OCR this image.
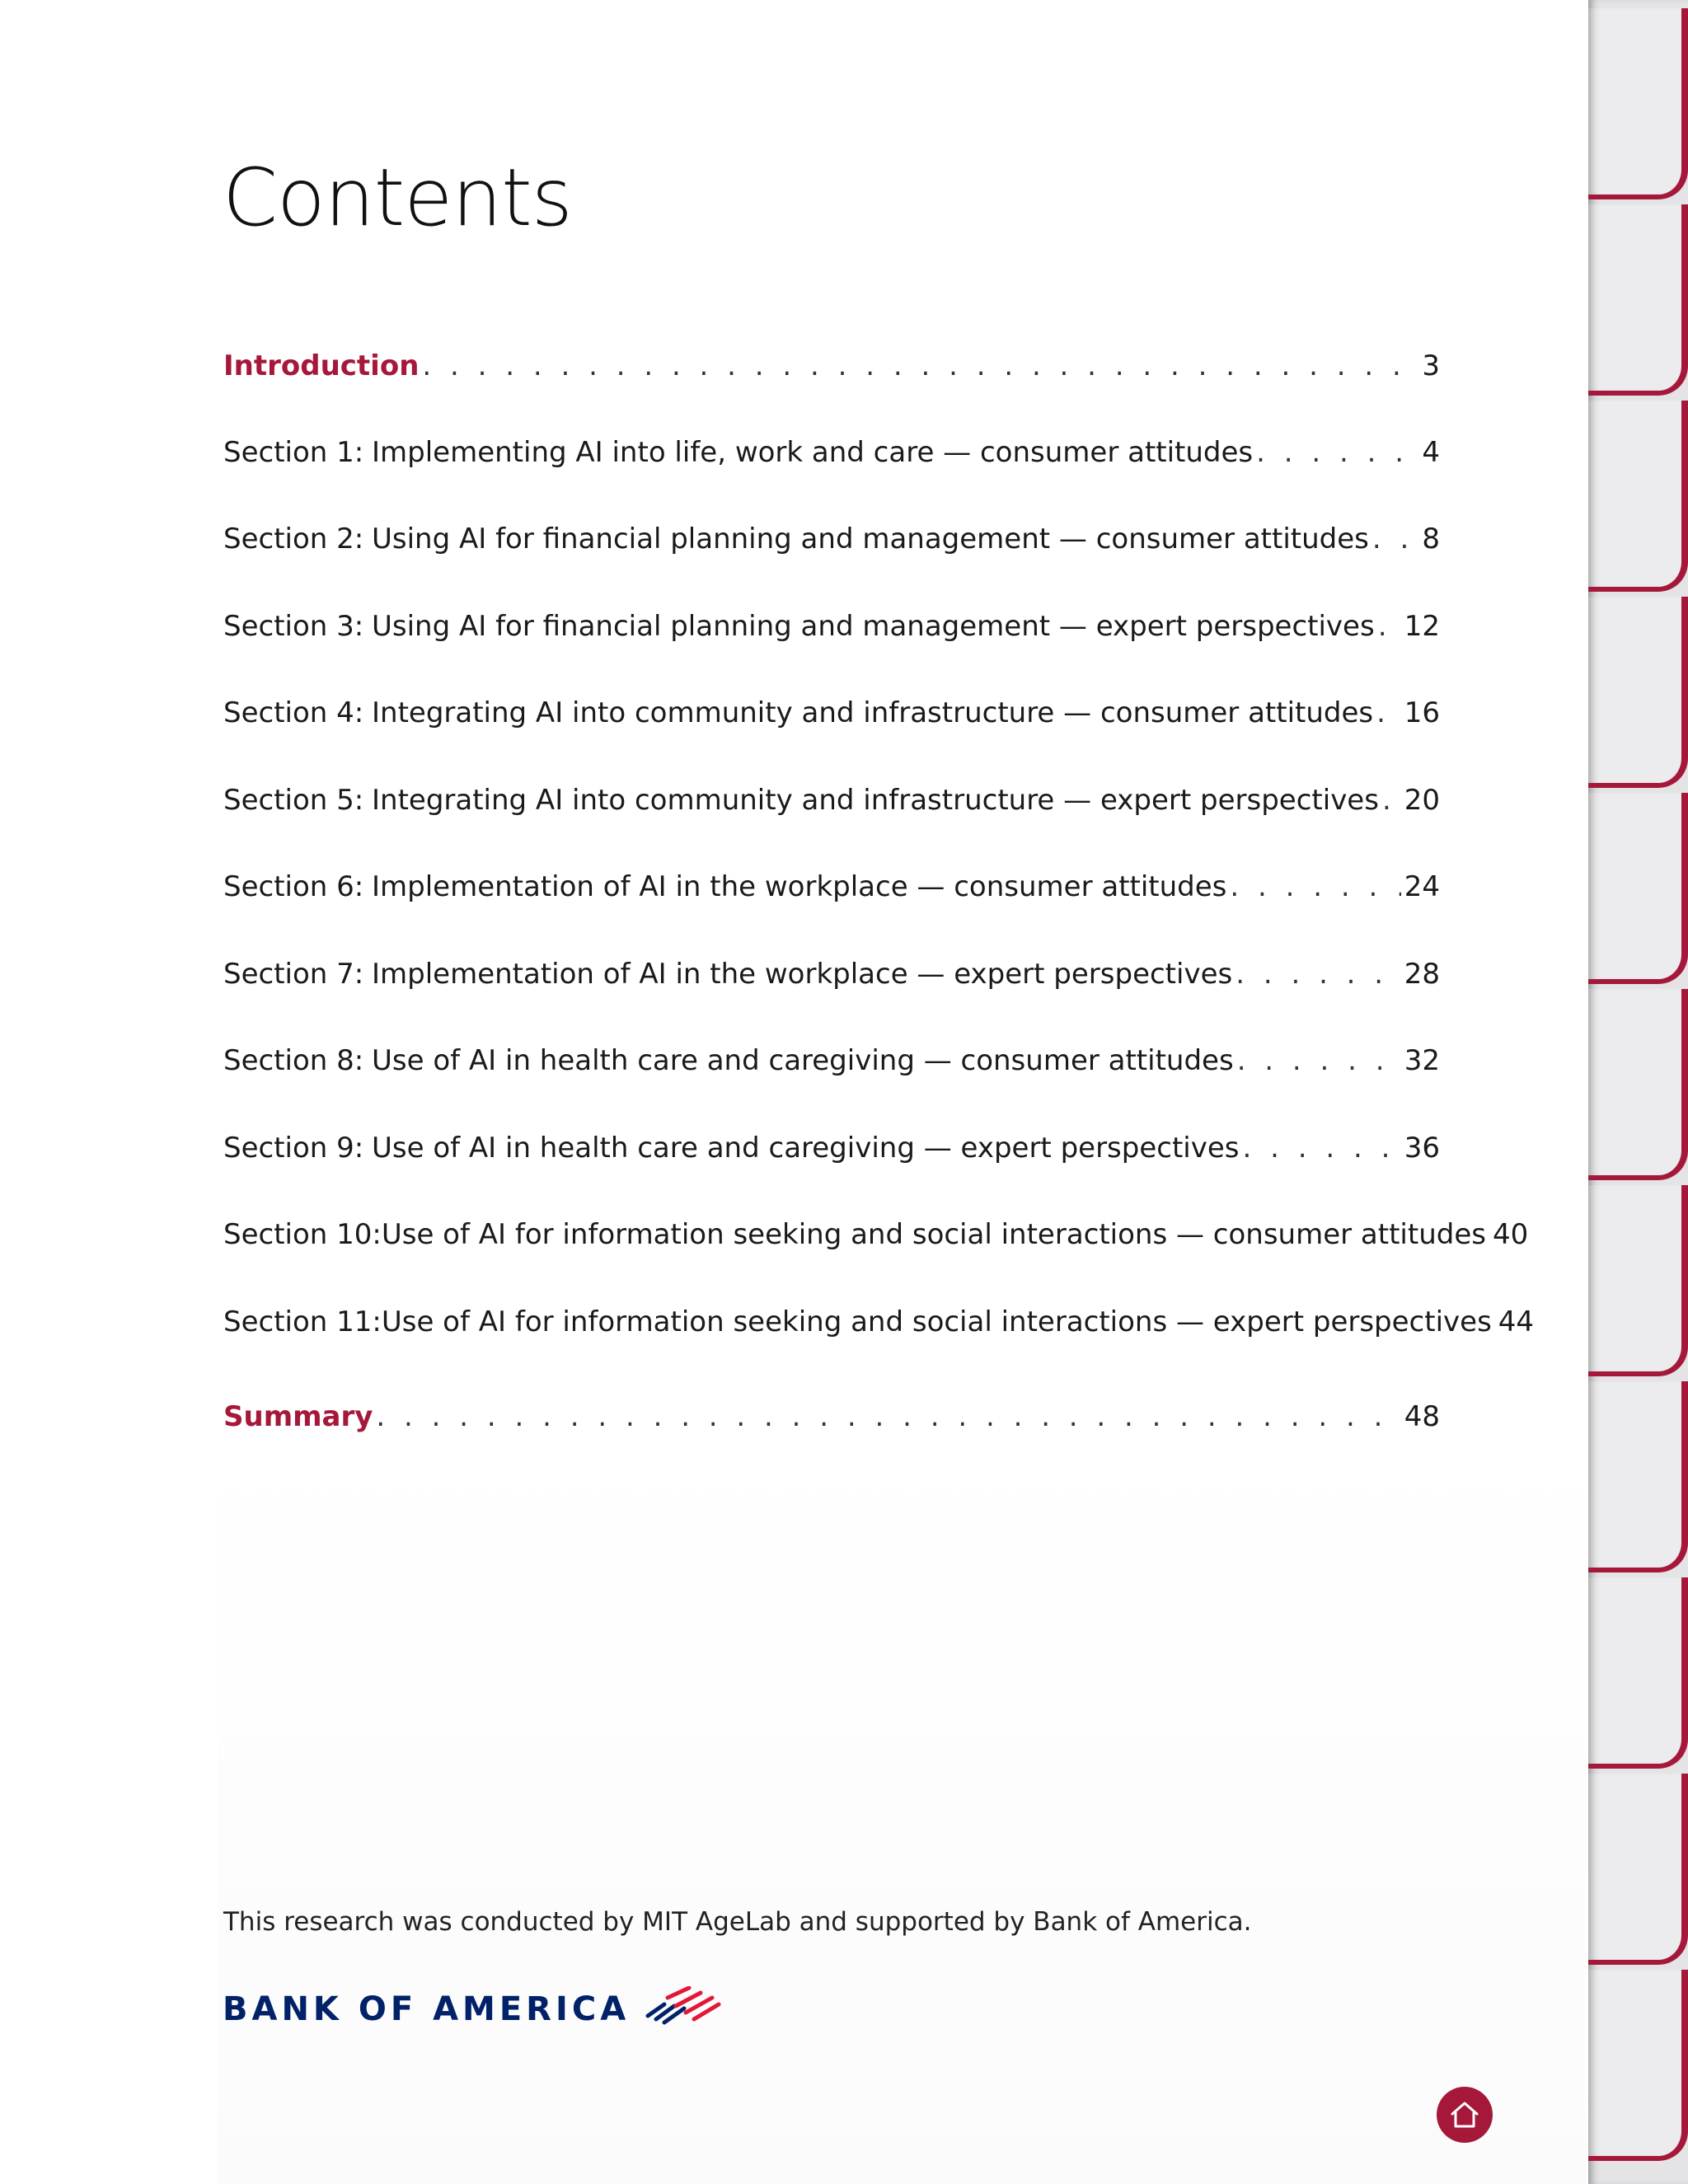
Contents
Introduction . . .	3
Section 1: Implementing AI into life, work and care — consumer attitudes . . .	4
Section 2: Using AI for financial planning and management — consumer attitudes . . . 8
Section 3: Using AI for financial planning and management — expert perspectives . . . 12
Section 4: Integrating AI into community and infrastructure — consumer attitudes . . . 16
Section 5: Integrating AI into community and infrastructure — expert perspectives . . . 20
Section 6: Implementation of AI in the workplace — consumer attitudes . . .	24
Section 7: Implementation of AI in the workplace — expert perspectives . . .	28
Section 8: Use of AI in health care and caregiving — consumer attitudes . . .	32
Section 9: Use of AI in health care and caregiving — expert perspectives . . .	36
Section 10: Use of AI for information seeking and social interactions — consumer attitudes 40
Section 11: Use of AI for information seeking and social interactions — expert perspectives 44
Summary . . .	48
This research was conducted by MIT AgeLab and supported by Bank of America.
BANK OF AMERICA
